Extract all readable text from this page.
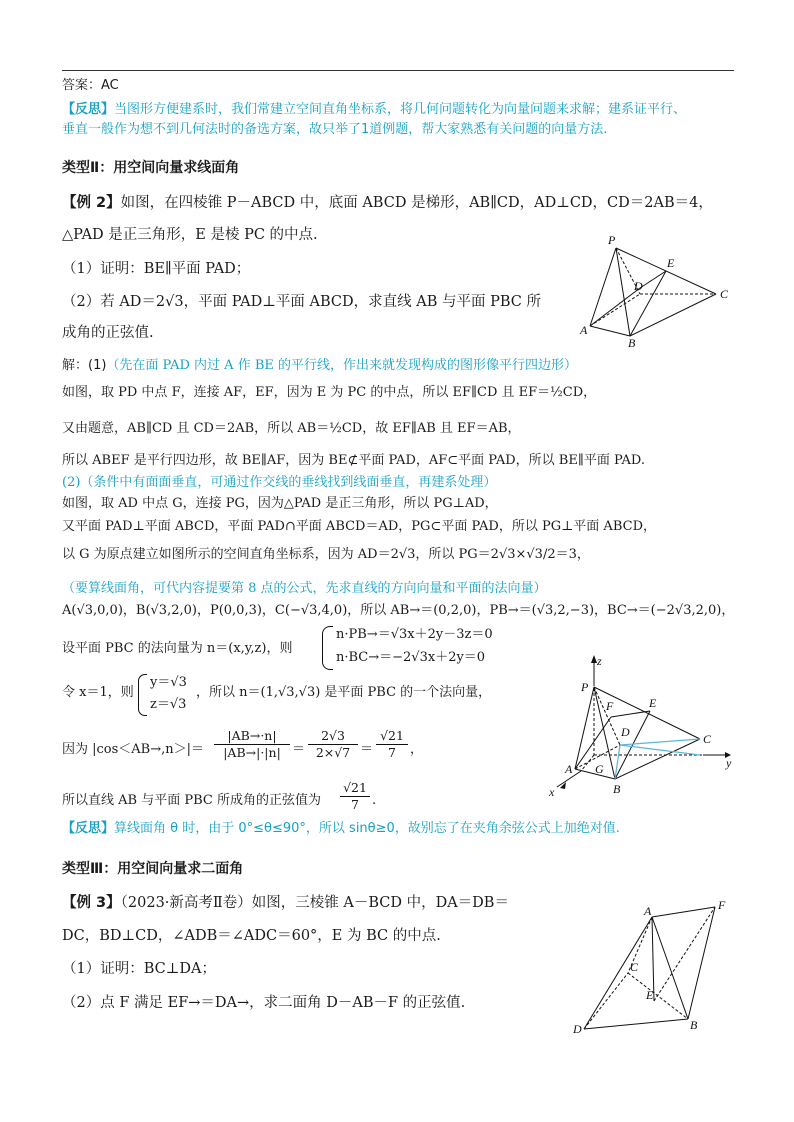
答案：AC
【反思】当图形方便建系时，我们常建立空间直角坐标系，将几何问题转化为向量问题来求解；建系证平行、
垂直一般作为想不到几何法时的备选方案，故只举了1道例题，帮大家熟悉有关问题的向量方法.
类型Ⅱ：用空间向量求线面角
【例 2】如图，在四棱锥 P－ABCD 中，底面 ABCD 是梯形，AB∥CD，AD⊥CD，CD＝2AB＝4，
△PAD 是正三角形，E 是棱 PC 的中点.
（1）证明：BE∥平面 PAD；
（2）若 AD＝2√3，平面 PAD⊥平面 ABCD，求直线 AB 与平面 PBC 所
成角的正弦值.
P
E
D
C
A
B
解：(1)（先在面 PAD 内过 A 作 BE 的平行线，作出来就发现构成的图形像平行四边形）
如图，取 PD 中点 F，连接 AF，EF，因为 E 为 PC 的中点，所以 EF∥CD 且 EF＝½CD，
又由题意，AB∥CD 且 CD＝2AB，所以 AB＝½CD，故 EF∥AB 且 EF＝AB，
所以 ABEF 是平行四边形，故 BE∥AF，因为 BE⊄平面 PAD，AF⊂平面 PAD，所以 BE∥平面 PAD.
(2)（条件中有面面垂直，可通过作交线的垂线找到线面垂直，再建系处理）
如图，取 AD 中点 G，连接 PG，因为△PAD 是正三角形，所以 PG⊥AD，
又平面 PAD⊥平面 ABCD，平面 PAD∩平面 ABCD＝AD，PG⊂平面 PAD，所以 PG⊥平面 ABCD，
以 G 为原点建立如图所示的空间直角坐标系，因为 AD＝2√3，所以 PG＝2√3×√3/2＝3，
（要算线面角，可代内容提要第 8 点的公式，先求直线的方向向量和平面的法向量）
A(√3,0,0)，B(√3,2,0)，P(0,0,3)，C(−√3,4,0)，所以 AB→＝(0,2,0)，PB→＝(√3,2,−3)，BC→＝(−2√3,2,0)，
设平面 PBC 的法向量为 n＝(x,y,z)，则
n·PB→＝√3x＋2y－3z＝0
n·BC→＝−2√3x＋2y＝0
令 x＝1，则
y＝√3
z＝√3
，所以 n＝(1,√3,√3) 是平面 PBC 的一个法向量，
因为 $|\cos<AB\to,n>|= \frac{|AB\to\cdot n|}{|AB\to|\cdot|n|} = \frac{2√3}{2\times√7} = \frac{√21}{7}$ ，
所以直线 AB 与平面 PBC 所成角的正弦值为 $\frac{√21}{7}$ .
z
P
F	E
D	C
y
A G
B
x
【反思】算线面角 θ 时，由于 0°≤θ≤90°，所以 sinθ≥0，故别忘了在夹角余弦公式上加绝对值.
类型Ⅲ：用空间向量求二面角
【例 3】（2023·新高考Ⅱ卷）如图，三棱锥 A－BCD 中，DA＝DB＝
DC，BD⊥CD，∠ADB＝∠ADC＝60°，E 为 BC 的中点.
（1）证明：BC⊥DA；
（2）点 F 满足 EF→＝DA→，求二面角 D－AB－F 的正弦值.
A	F
C
D
E
B
